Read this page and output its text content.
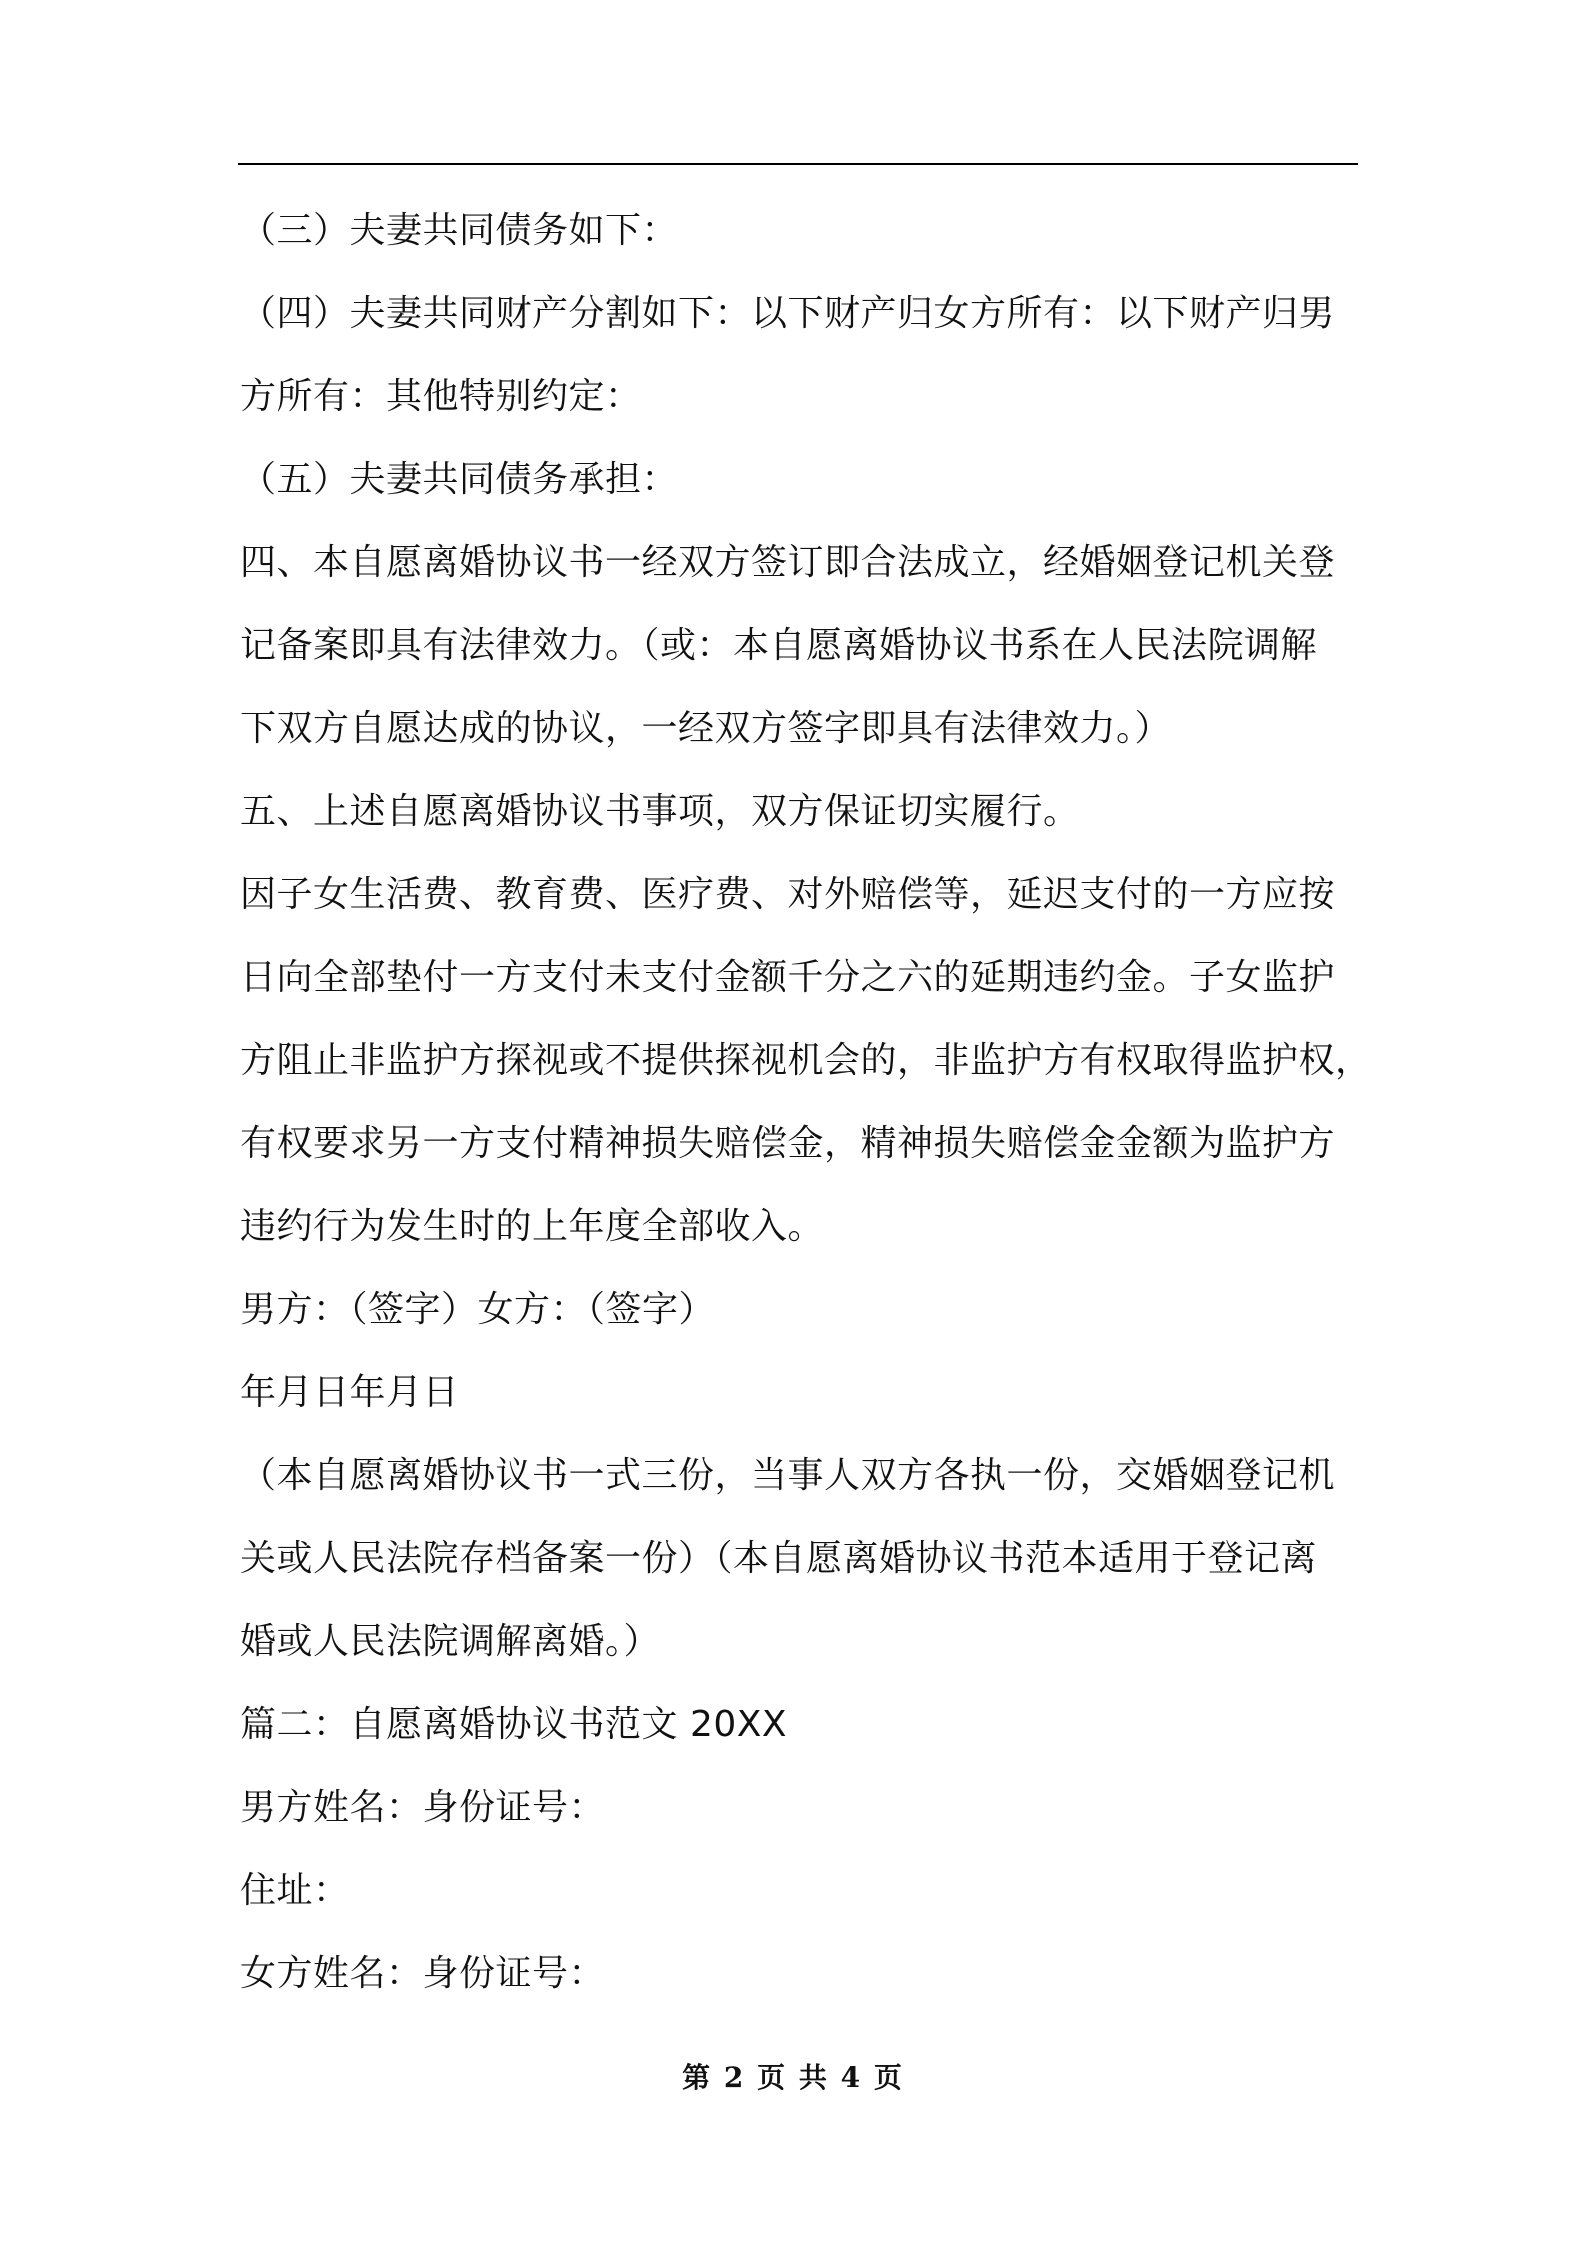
（三）夫妻共同债务如下：

（四）夫妻共同财产分割如下：以下财产归女方所有：以下财产归男

方所有：其他特别约定：

（五）夫妻共同债务承担：

四、本自愿离婚协议书一经双方签订即合法成立，经婚姻登记机关登

记备案即具有法律效力。（或：本自愿离婚协议书系在人民法院调解

下双方自愿达成的协议，一经双方签字即具有法律效力。）

五、上述自愿离婚协议书事项，双方保证切实履行。

因子女生活费、教育费、医疗费、对外赔偿等，延迟支付的一方应按

日向全部垫付一方支付未支付金额千分之六的延期违约金。子女监护

方阻止非监护方探视或不提供探视机会的，非监护方有权取得监护权，

有权要求另一方支付精神损失赔偿金，精神损失赔偿金金额为监护方

违约行为发生时的上年度全部收入。

男方：（签字）女方：（签字）

年月日年月日

（本自愿离婚协议书一式三份，当事人双方各执一份，交婚姻登记机

关或人民法院存档备案一份）（本自愿离婚协议书范本适用于登记离

婚或人民法院调解离婚。）

篇二：自愿离婚协议书范文 20XX

男方姓名：身份证号：

住址：

女方姓名：身份证号：

第 2 页 共 4 页
